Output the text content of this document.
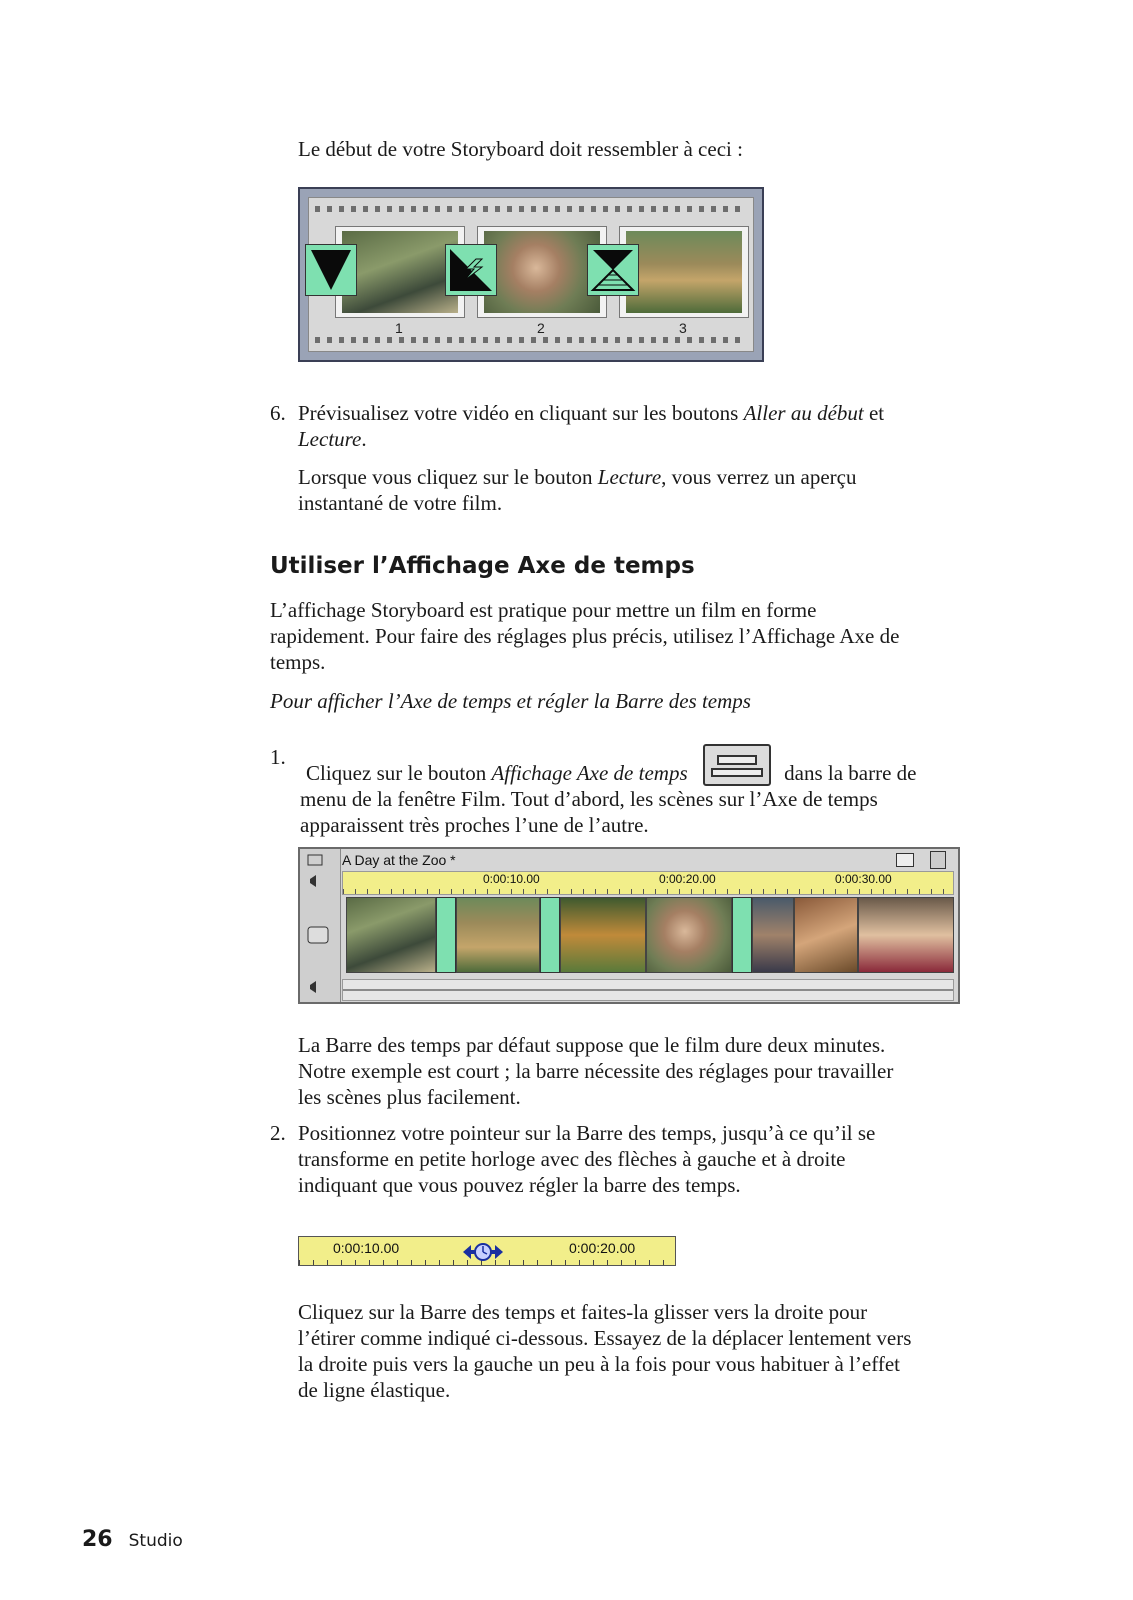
Le début de votre Storyboard doit ressembler à ceci :
1	2	3
6. Prévisualisez votre vidéo en cliquant sur les boutons Aller au début et
Lecture.
Lorsque vous cliquez sur le bouton Lecture, vous verrez un aperçu
instantané de votre film.
Utiliser l’Affichage Axe de temps
L’affichage Storyboard est pratique pour mettre un film en forme
rapidement. Pour faire des réglages plus précis, utilisez l’Affichage Axe de
temps.
Pour afficher l’Axe de temps et régler la Barre des temps
1.
Cliquez sur le bouton Affichage Axe de temps	dans la barre de
menu de la fenêtre Film. Tout d’abord, les scènes sur l’Axe de temps
apparaissent très proches l’une de l’autre.
A Day at the Zoo *
0:00:10.00	0:00:20.00	0:00:30.00
La Barre des temps par défaut suppose que le film dure deux minutes.
Notre exemple est court ; la barre nécessite des réglages pour travailler
les scènes plus facilement.
2. Positionnez votre pointeur sur la Barre des temps, jusqu’à ce qu’il se
transforme en petite horloge avec des flèches à gauche et à droite
indiquant que vous pouvez régler la barre des temps.
0:00:10.00	0:00:20.00
Cliquez sur la Barre des temps et faites-la glisser vers la droite pour
l’étirer comme indiqué ci-dessous. Essayez de la déplacer lentement vers
la droite puis vers la gauche un peu à la fois pour vous habituer à l’effet
de ligne élastique.
26 Studio
